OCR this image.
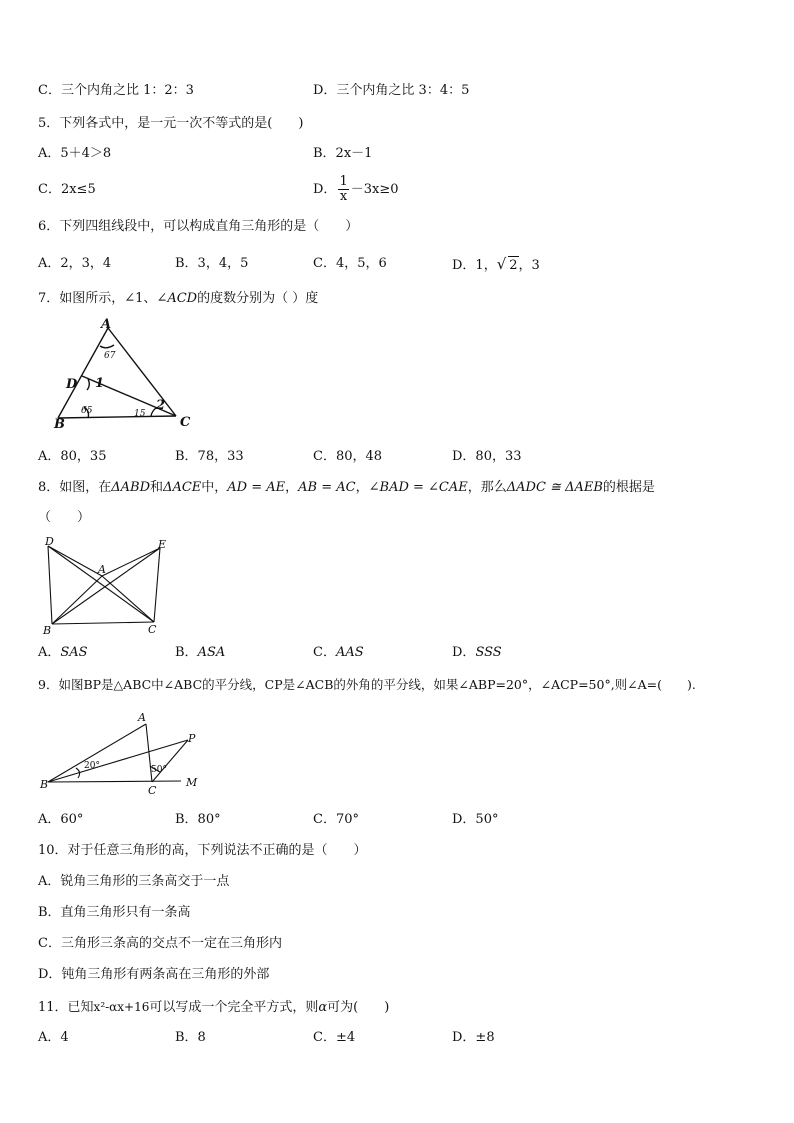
C．三个内角之比 1：2：3	D．三个内角之比 3：4：5
5．下列各式中，是一元一次不等式的是(　　)
A．5＋4＞8	B．2x－1
C．2x≤5	D． $\frac{1}{x} -3x\ge 0$
6．下列四组线段中，可以构成直角三角形的是（　　）
A．2，3，4	B．3，4，5	C．4，5，6	D．1，√ 2，3
7．如图所示，∠1、∠ACD的度数分别为（ ）度
A
D
B	C
1
2
67
65	15
A．80，35	B．78，33	C．80，48	D．80，33
8．如图，在ΔABD和ΔACE中，AD = AE，AB = AC，∠BAD = ∠CAE，那么ΔADC ≅ ΔAEB的根据是
（　　）
D	E
A
B	C
A．SAS	B．ASA	C．AAS	D．SSS
9．如图BP是△ABC中∠ABC的平分线，CP是∠ACB的外角的平分线，如果∠ABP=20°，∠ACP=50°,则∠A=(　　).
A
P
B	C
M
20°	50°
A．60°	B．80°	C．70°	D．50°
10．对于任意三角形的高，下列说法不正确的是（　　）
A．锐角三角形的三条高交于一点
B．直角三角形只有一条高
C．三角形三条高的交点不一定在三角形内
D．钝角三角形有两条高在三角形的外部
11．已知x²-αx+16可以写成一个完全平方式，则α可为(　　)
A．4	B．8	C．±4	D．±8
